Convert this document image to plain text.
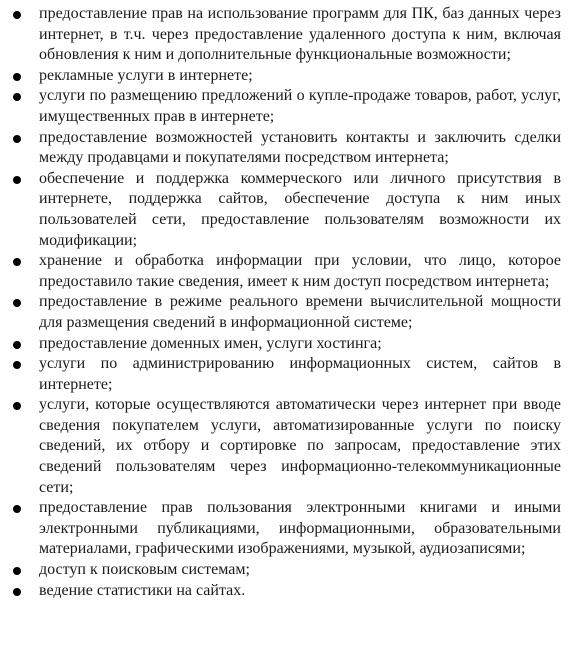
предоставление прав на использование программ для ПК, баз данных через интернет, в т.ч. через предоставление удаленного доступа к ним, включая обновления к ним и дополнительные функциональные возможности;
рекламные услуги в интернете;
услуги по размещению предложений о купле-продаже товаров, работ, услуг, имущественных прав в интернете;
предоставление возможностей установить контакты и заключить сделки между продавцами и покупателями посредством интернета;
обеспечение и поддержка коммерческого или личного присутствия в интернете, поддержка сайтов, обеспечение доступа к ним иных пользователей сети, предоставление пользователям возможности их модификации;
хранение и обработка информации при условии, что лицо, которое предоставило такие сведения, имеет к ним доступ посредством интернета;
предоставление в режиме реального времени вычислительной мощности для размещения сведений в информационной системе;
предоставление доменных имен, услуги хостинга;
услуги по администрированию информационных систем, сайтов в интернете;
услуги, которые осуществляются автоматически через интернет при вводе сведения покупателем услуги, автоматизированные услуги по поиску сведений, их отбору и сортировке по запросам, предоставление этих сведений пользователям через информационно-телекоммуникационные сети;
предоставление прав пользования электронными книгами и иными электронными публикациями, информационными, образовательными материалами, графическими изображениями, музыкой, аудиозаписями;
доступ к поисковым системам;
ведение статистики на сайтах.
